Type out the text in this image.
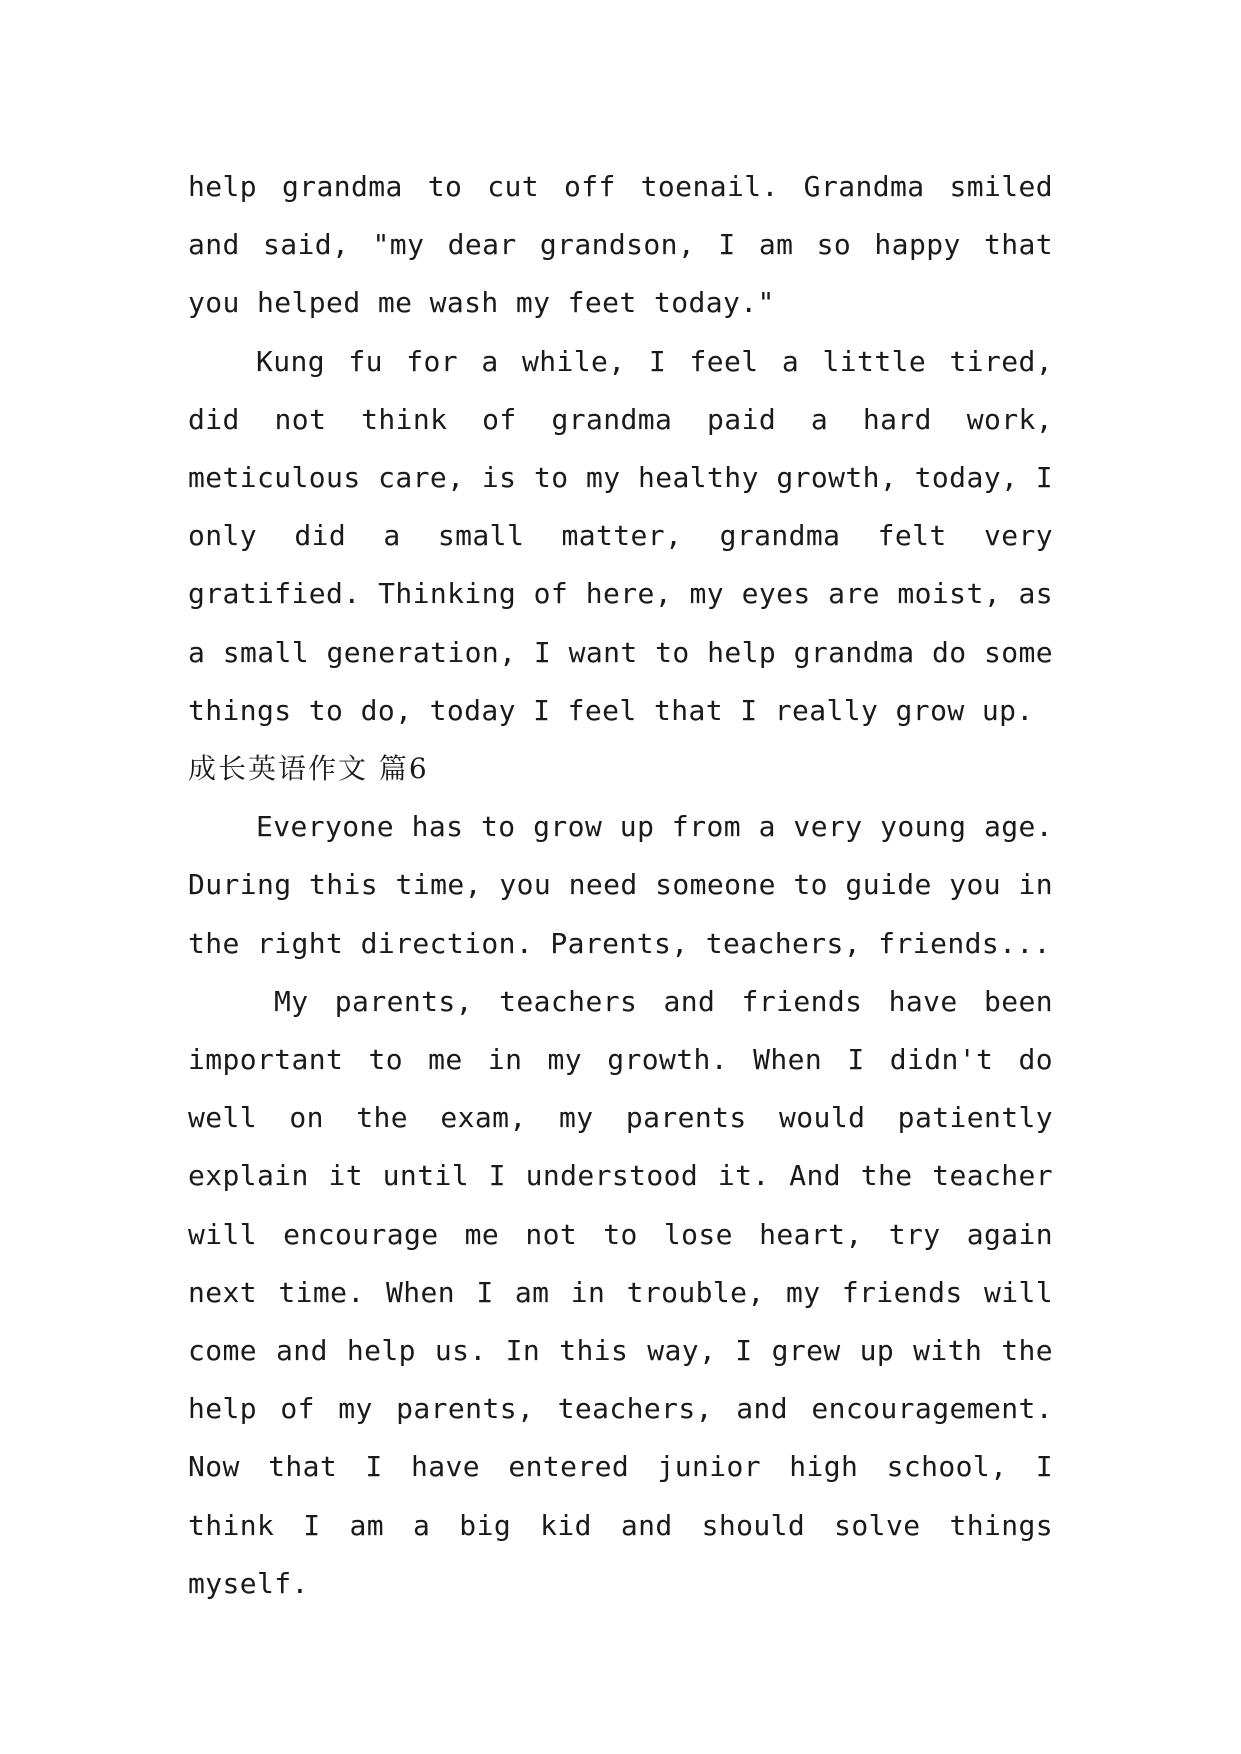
help grandma to cut off toenail. Grandma smiled and said, "my dear grandson, I am so happy that you helped me wash my feet today."

Kung fu for a while, I feel a little tired, did not think of grandma paid a hard work, meticulous care, is to my healthy growth, today, I only did a small matter, grandma felt very gratified. Thinking of here, my eyes are moist, as a small generation, I want to help grandma do some things to do, today I feel that I really grow up.

成长英语作文 篇6

Everyone has to grow up from a very young age. During this time, you need someone to guide you in the right direction. Parents, teachers, friends...

My parents, teachers and friends have been important to me in my growth. When I didn't do well on the exam, my parents would patiently explain it until I understood it. And the teacher will encourage me not to lose heart, try again next time. When I am in trouble, my friends will come and help us. In this way, I grew up with the help of my parents, teachers, and encouragement. Now that I have entered junior high school, I think I am a big kid and should solve things myself.
